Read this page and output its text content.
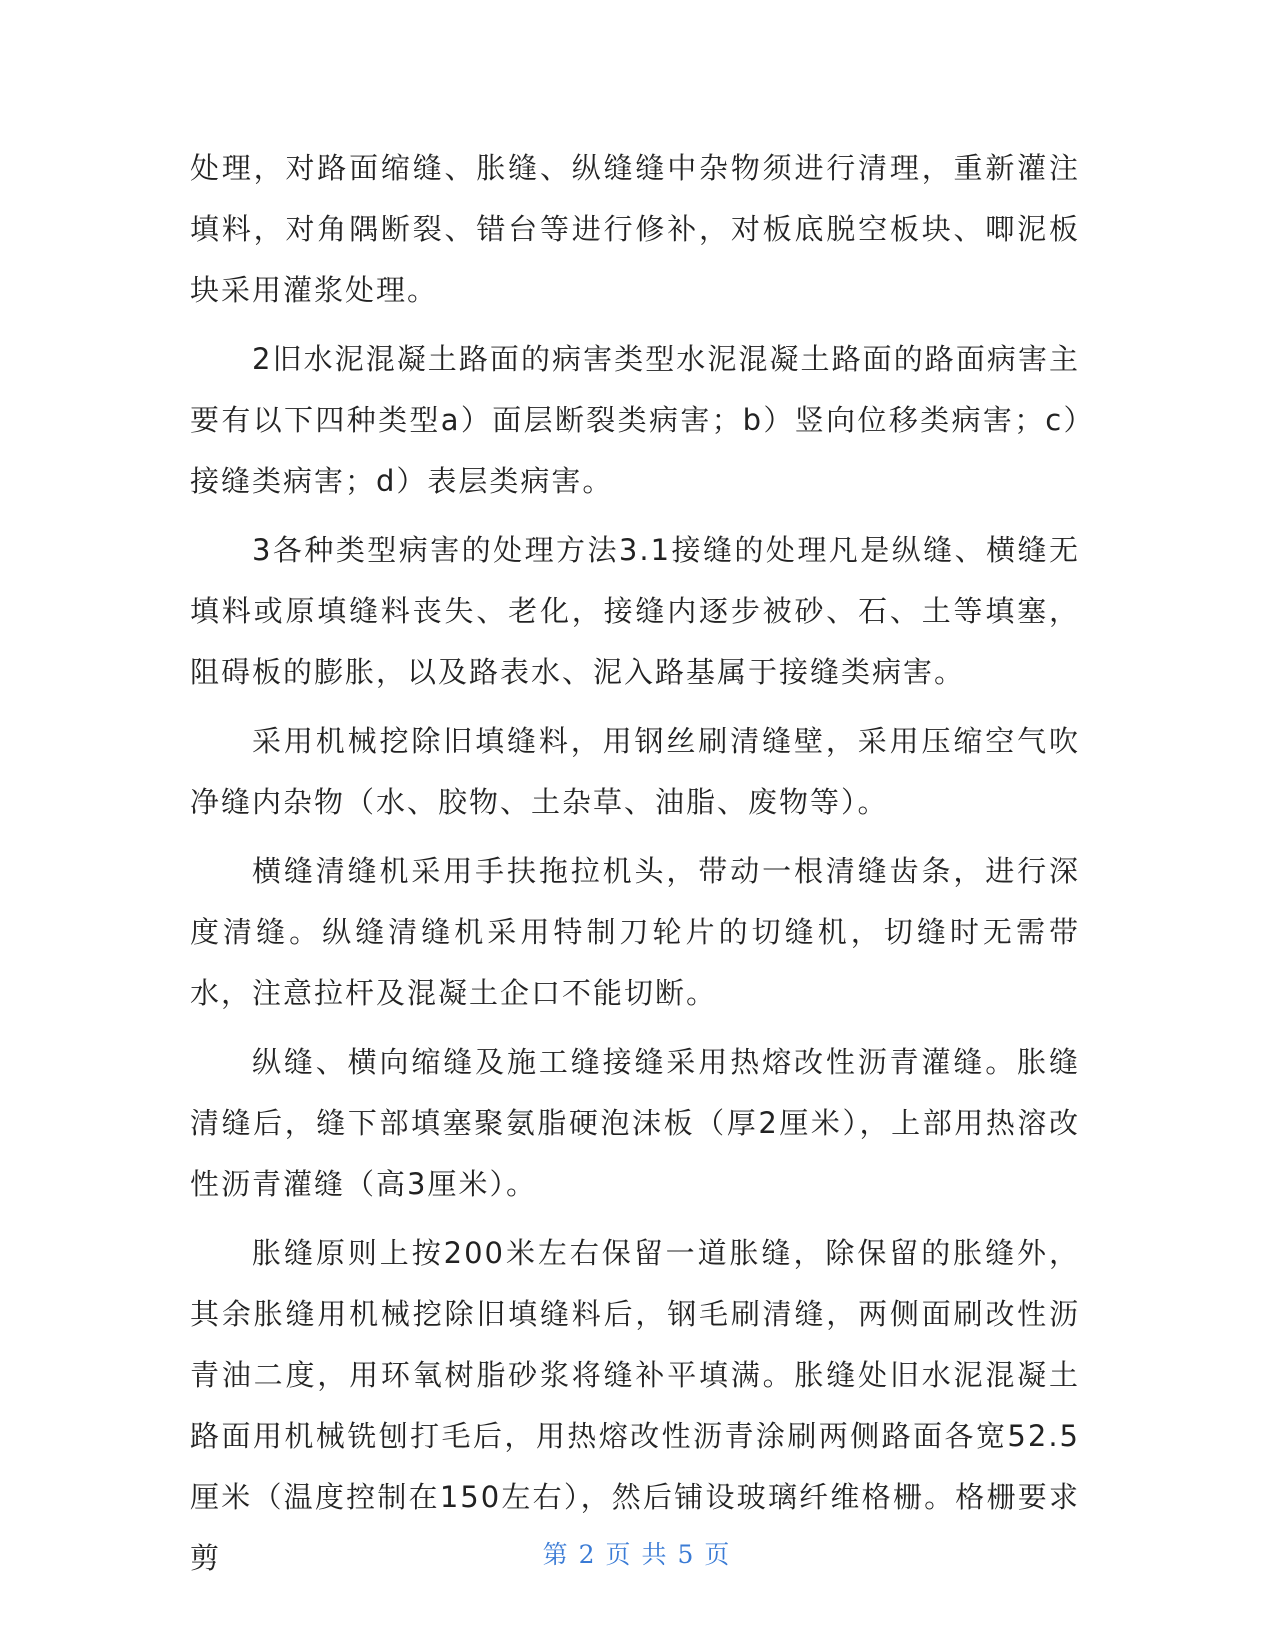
处理，对路面缩缝、胀缝、纵缝缝中杂物须进行清理，重新灌注填料，对角隅断裂、错台等进行修补，对板底脱空板块、唧泥板块采用灌浆处理。

2旧水泥混凝土路面的病害类型水泥混凝土路面的路面病害主要有以下四种类型a）面层断裂类病害；b）竖向位移类病害；c）接缝类病害；d）表层类病害。

3各种类型病害的处理方法3.1接缝的处理凡是纵缝、横缝无填料或原填缝料丧失、老化，接缝内逐步被砂、石、土等填塞，阻碍板的膨胀，以及路表水、泥入路基属于接缝类病害。

采用机械挖除旧填缝料，用钢丝刷清缝壁，采用压缩空气吹净缝内杂物（水、胶物、土杂草、油脂、废物等）。

横缝清缝机采用手扶拖拉机头，带动一根清缝齿条，进行深度清缝。纵缝清缝机采用特制刀轮片的切缝机，切缝时无需带水，注意拉杆及混凝土企口不能切断。

纵缝、横向缩缝及施工缝接缝采用热熔改性沥青灌缝。胀缝清缝后，缝下部填塞聚氨脂硬泡沫板（厚2厘米），上部用热溶改性沥青灌缝（高3厘米）。

胀缝原则上按200米左右保留一道胀缝，除保留的胀缝外，其余胀缝用机械挖除旧填缝料后，钢毛刷清缝，两侧面刷改性沥青油二度，用环氧树脂砂浆将缝补平填满。胀缝处旧水泥混凝土路面用机械铣刨打毛后，用热熔改性沥青涂刷两侧路面各宽52.5厘米（温度控制在150左右），然后铺设玻璃纤维格栅。格栅要求剪	第 2 页 共 5 页
